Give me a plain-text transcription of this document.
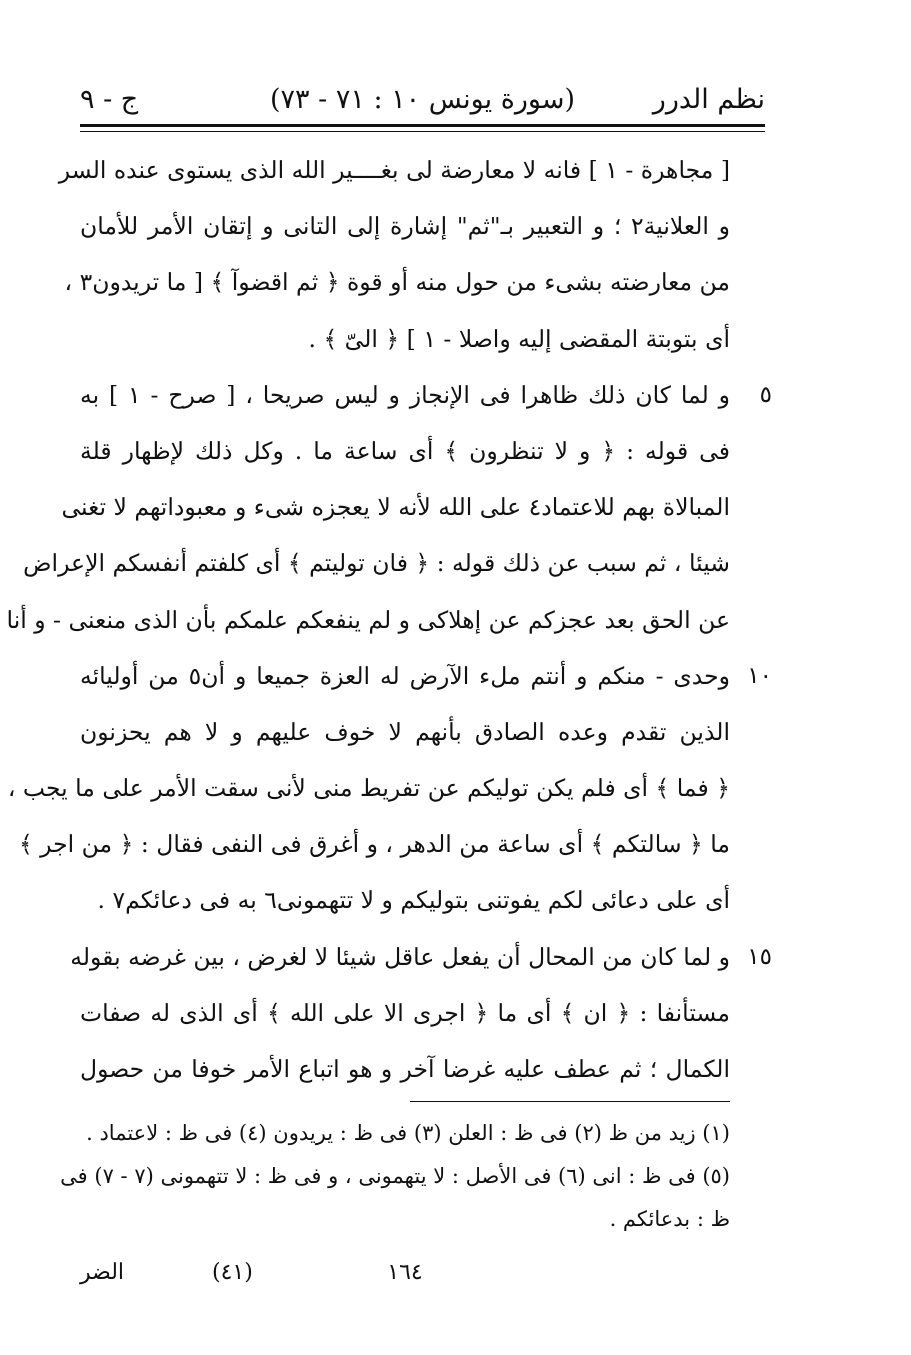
نظم الدرر
(سورة يونس ١٠ : ٧١ - ٧٣)
ج - ٩
[ مجاهرة - ١ ] فانه لا معارضة لى بغــــير الله الذى يستوى عنده السر
و العلانية٢ ؛ و التعبير بـ"ثم" إشارة إلى التانى و إتقان الأمر للأمان
من معارضته بشىء من حول منه أو قوة ﴿ ثم اقضوآ ﴾ [ ما تريدون٣ ،
أى بتوبتة المقضى إليه واصلا - ١ ] ﴿ الىّ ﴾ .
٥
و لما كان ذلك ظاهرا فى الإنجاز و ليس صريحا ، [ صرح - ١ ] به
فى قوله : ﴿ و لا تنظرون ﴾ أى ساعة ما . وكل ذلك لإظهار قلة
المبالاة بهم للاعتماد٤ على الله لأنه لا يعجزه شىء و معبوداتهم لا تغنى
شيئا ، ثم سبب عن ذلك قوله : ﴿ فان توليتم ﴾ أى كلفتم أنفسكم الإعراض
عن الحق بعد عجزكم عن إهلاكى و لم ينفعكم علمكم بأن الذى منعنى - و أنا
١٠
وحدى - منكم و أنتم ملء الآرض له العزة جميعا و أن٥ من أوليائه
الذين تقدم وعده الصادق بأنهم لا خوف عليهم و لا هم يحزنون
﴿ فما ﴾ أى فلم يكن توليكم عن تفريط منى لأنى سقت الأمر على ما يجب ،
ما ﴿ سالتكم ﴾ أى ساعة من الدهر ، و أغرق فى النفى فقال : ﴿ من اجر ﴾
أى على دعائى لكم يفوتنى بتوليكم و لا تتهمونى٦ به فى دعائكم٧ .
١٥
و لما كان من المحال أن يفعل عاقل شيئا لا لغرض ، بين غرضه بقوله
مستأنفا : ﴿ ان ﴾ أى ما ﴿ اجرى الا على الله ﴾ أى الذى له صفات
الكمال ؛ ثم عطف عليه غرضا آخر و هو اتباع الأمر خوفا من حصول
(١) زيد من ظ (٢) فى ظ : العلن (٣) فى ظ : يريدون (٤) فى ظ : لاعتماد .
(٥) فى ظ : انى (٦) فى الأصل : لا يتهمونى ، و فى ظ : لا تتهمونى (٧ - ٧) فى
ظ : بدعائكم .
الضر	(٤١)	١٦٤
